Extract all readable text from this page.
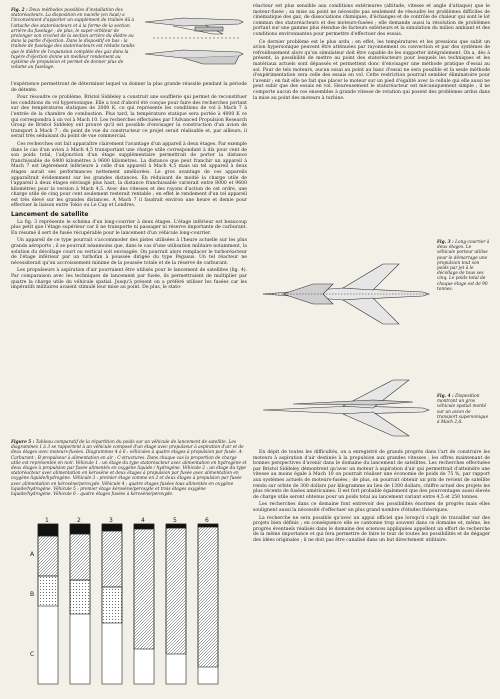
Fig. 2 : Deux méthodes possibles d'installation des statoréacteurs. La disposition en nacelle (en haut) a l'inconvénient d'apporter un supplément de traînée dû à l'attache des statoréacteurs et à la forme de la section arrière du fuselage ; de plus, le super-orbiteur de prolonger son crochet de la section arrière du dièdre ou dans la partie d'éjection. Dans le dispositif en bas : la traînée de fuselage des statoréacteurs est réduite tandis que le dièdre de l'expansion complète des gaz dans la tuyère d'éjection donne un meilleur rendement au système de propulsion et permet de donner plus de volume au fuselage.

l'expérience permettront de déterminer lequel va donner la plus grande réussite pendant la période de détente.

Pour résoudre ce problème, Bristol Siddeley a construit une soufflerie qui permet de reconstituer les conditions du vol hypersonique. Elle a tout d'abord été conçue pour faire des recherches portant sur des températures statiques de 2000 K, ce qui représente les conditions de vol à Mach 7 à l'entrée de la chambre de combustion. Plus tard, la température statique sera portée à 4000 K ce qui correspondra à un vol à Mach 10. Les recherches effectuées par l'Advanced Propulsion Research Group de Bristol Siddeley ont prouvé qu'il est possible d'envisager la construction d'un avion de transport à Mach 7 ; du point de vue du constructeur ce projet serait réalisable et, par ailleurs, il serait très séduisant du point de vue commercial.

Ces recherches ont fait apparaître clairement l'avantage d'un appareil à deux étages. Par exemple dans le cas d'un avion à Mach 4,5 transportant une charge utile correspondant à dix pour cent de son poids total, l'adjonction d'un étage supplémentaire permettrait de porter la distance franchissable de 6400 kilomètres à 9600 kilomètres. La distance que peut franchir un appareil à Mach 7 est légèrement inférieure à celle d'un appareil à Mach 4,5 mais un tel appareil à deux étages aurait ses performances nettement améliorées. Le gros avantage de ces appareils apparaîtrait évidemment sur les grandes distances. En réduisant de moitié la charge utile de l'appareil à deux étages envisagé plus haut, la distance franchissable varierait entre 8000 et 9600 kilomètres pour la version à Mach 4,5. Avec des vitesses et des rayons d'action de cet ordre, une charge utile de cinq pour cent seulement resterait rentable ; en effet le rendement d'un tel appareil est très élevé sur les grandes distances. A Mach 7 il faudrait environ une heure et demie pour effectuer la liaison entre Tokio ou Le Cap et Londres.

Lancement de satellite

La fig. 3 représente le schéma d'un long-courrier à deux étages. L'étage inférieur est beaucoup plus petit que l'étage supérieur car il ne transporte ni passager ni réserve importante de carburant. En résumé il sert de fusée récupérable pour le lancement d'un véhicule long-courrier.

Un appareil de ce type pourrait s'accommoder des pistes utilisées à l'heure actuelle sur les plus grands aéroports ; il se pourrait néanmoins que, dans le cas d'une utilisation militaire notamment, la solution du décollage court ou vertical soit envisagée. On pourrait alors remplacer le turboréacteur de l'étage inférieur par un turbofan à poussée dirigée du type Pegasus. Un tel réacteur ne nécessiterait qu'un accroissement minime de la poussée totale et de la réserve de carburant.

Les propulseurs à aspiration d'air pourraient être utilisés pour le lancement de satellites (fig. 4). Par comparaison avec les techniques de lancement par fusée, ils permettraient de multiplier par quatre la charge utile du véhicule spatial. Jusqu'à présent on a préféré utiliser les fusées car les impératifs militaires avaient stimulé leur mise au point. De plus, le stato-

Figure 5 : Tableau comparatif de la répartition du poids sur un véhicule de lancement de satellite. Les diagrammes 1 à 3 se rapportent à un véhicule composé d'un étage avec propulseur à aspiration d'air et de deux étages avec moteurs-fusées. Diagrammes 4 à 6 : véhicules à quatre étages à propulsion par fusée. A-Carburant ; B-propulseur à alimentation en air ; C-structures. Dans chaque cas la proportion de charge utile est représentée en noir. Véhicule 1 : un étage du type statoréacteur avec alimentation en hydrogène et deux étages à propulsion par fusée alimentés en oxygène liquide / hydrogène. Véhicule 2 : un étage du type statoréacteur avec alimentation en kérosène et deux étages à propulsion par fusée avec alimentation en oxygène liquide/hydrogène. Véhicule 3 : premier étage comme en 2 et deux étages à propulsion par fusée avec alimentation en kérosène/peroxyde. Véhicule 4 : quatre étages fusées tous alimentés en oxygène liquide/hydrogène. Véhicule 5 : premier étage kérosène/peroxyde et trois étages oxygène liquide/hydrogène. Véhicule 6 : quatre étages fusées à kérosène/peroxyde.

1	2	3	4	5	6
A
B
C

réacteur est plus sensible aux conditions extérieures (altitude, vitesse et angle d'attaque) que le moteur-fusée ; sa mise au point ne nécessite pas seulement de résoudre les problèmes difficiles de cinématique des gaz, de dissociations chimiques, d'échanges et de contrôle de chaleur qui sont le lot commun des statoréacteurs et des moteurs-fusées ; elle demande aussi la résolution de problèmes portant sur une gamme plus étendue de facteurs extérieurs et la simulation du milieu ambiant et des conditions environnantes pour permettre d'effectuer des essais.

Ce dernier problème est le plus ardu ; en effet, les températures et les pressions que subit un avion hypersonique peuvent être atténuées par rayonnement ou convection et par des systèmes de refroidissement alors qu'un simulateur doit être capable de les supporter intégralement. On a, dès à présent, la possibilité de mettre au point des statoréacteurs pour lesquels les techniques et les matériaux actuels sont dépassés et permettent donc d'envisager une méthode pratique d'essai au sol. Pour de tels moteurs, aucun essai au point au banc d'essai ne sera possible et la seule méthode d'expérimentation sera celle des essais en vol. Cette restriction pourrait sembler éliminatoire pour l'avenir ; en fait elle ne fait que placer le moteur sur un pied d'égalité avec la cellule qui elle aussi ne peut subir que des essais en vol. Heureusement le statoréacteur est mécaniquement simple ; il ne comporte aucun de ces ensembles à grande vitesse de rotation qui posent des problèmes ardus dans la mise au point des moteurs à turbine.

Fig. 3 : Long-courrier à deux étages. Le véhicule porteur utilise pour le démarrage une propulsion tout son poids par jet à le décollage de tous ses cinq. Le poids total de chaque étage est de 90 tonnes.

Fig. 4 : Disposition montrant un gros véhicule spatial monté sur un avion de transport supersonique à Mach 2,6.

En dépit de toutes les difficultés, on a enregistré de grands progrès dans l'art de construire les moteurs à aspiration d'air destinés à la propulsion aux grandes vitesses ; les offres maintenant de bonnes perspectives d'avenir dans le domaine du lancement de satellites. Les recherches effectuées par Bristol Siddeley démontrent qu'avec un moteur à aspiration d'air qui permettrait d'atteindre une vitesse au moins égale à Mach 10 on pourrait réaliser une économie de poids de 75 %, par rapport aux systèmes actuels de moteurs-fusées ; de plus, on pourrait obtenir un prix de revient de satellite rendu sur orbite de 300 dollars par kilogramme au lieu de 1300 dollars, chiffre actuel des projets les plus récents de fusées américaines. Il est fort probable également que des pourcentages aussi élevés de charge utile seront obtenus pour un poids total au lancement variant entre 4,5 et 250 tonnes.

Les recherches dans ce domaine font entrevoir des possibilités énormes de progrès mais elles soulignent aussi la nécessité d'effectuer un plus grand nombre d'études théoriques.

La recherche ne sera possible qu'avec un appui officiel que lorsqu'il s'agit de travailler sur des projets bien définis ; en conséquence elle se cantonne trop souvent dans ce domaine et, même, les progrès éventuels réalisés dans le domaine des sciences appliquées appellent un effort de recherche de la même importance et qui fera permettre de faire le tour de toutes les possibilités et de dégager des idées originales ; il ne doit pas être canalisé dans un but directement utilitaire.
